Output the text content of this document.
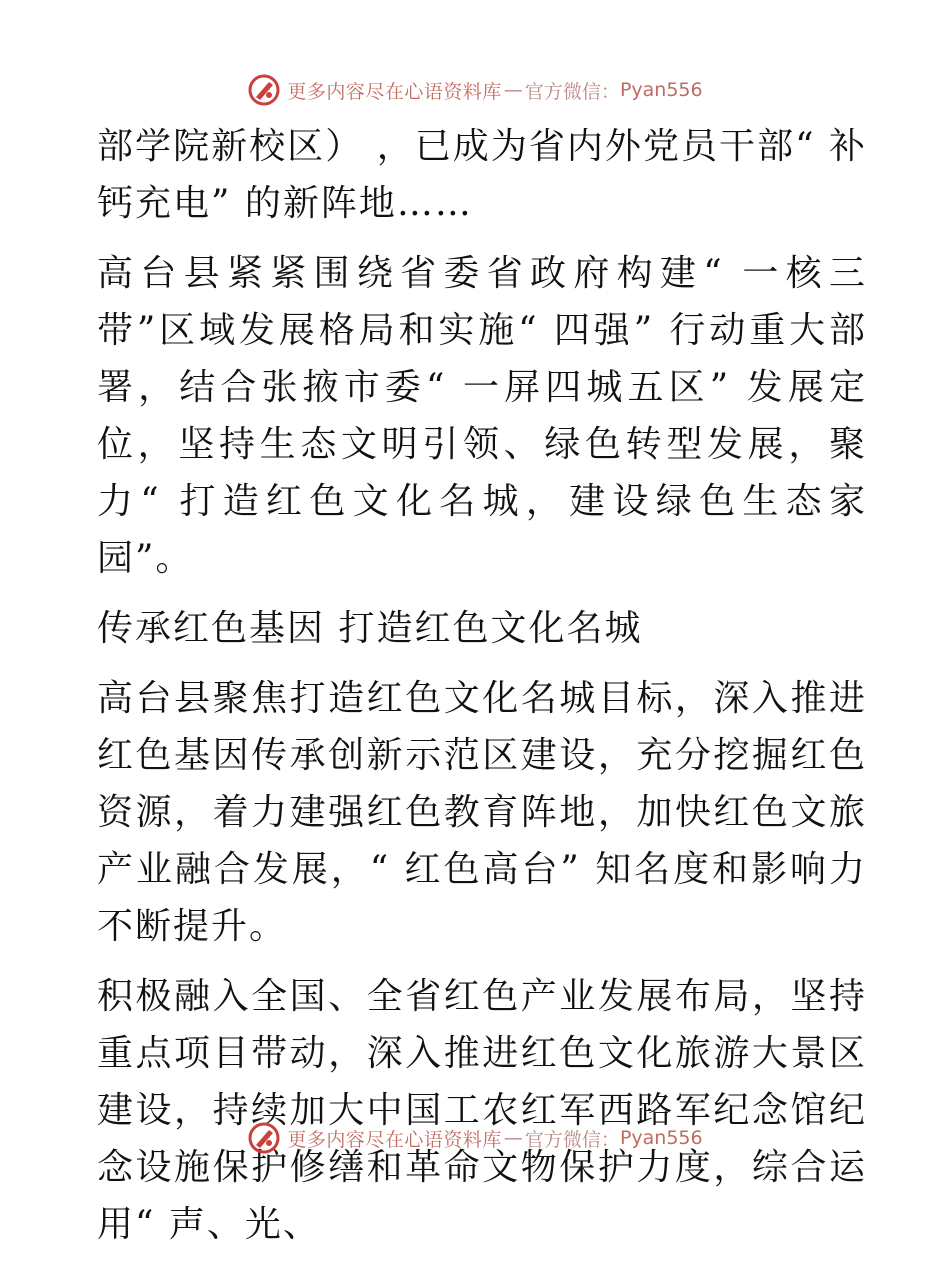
更多内容尽在心语资料库 — 官方微信： Pyan556

部学院新校区） ，已成为省内外党员干部“ 补钙充电” 的新阵地……

高台县紧紧围绕省委省政府构建“ 一核三带”区域发展格局和实施“ 四强” 行动重大部署，结合张掖市委“ 一屏四城五区” 发展定位，坚持生态文明引领、绿色转型发展，聚力“ 打造红色文化名城，建设绿色生态家园”。

传承红色基因 打造红色文化名城

高台县聚焦打造红色文化名城目标，深入推进红色基因传承创新示范区建设，充分挖掘红色资源，着力建强红色教育阵地，加快红色文旅产业融合发展，“ 红色高台” 知名度和影响力不断提升。

积极融入全国、全省红色产业发展布局，坚持重点项目带动，深入推进红色文化旅游大景区建设，持续加大中国工农红军西路军纪念馆纪念设施保护修缮和革命文物保护力度，综合运用“ 声、光、

更多内容尽在心语资料库 — 官方微信： Pyan556
